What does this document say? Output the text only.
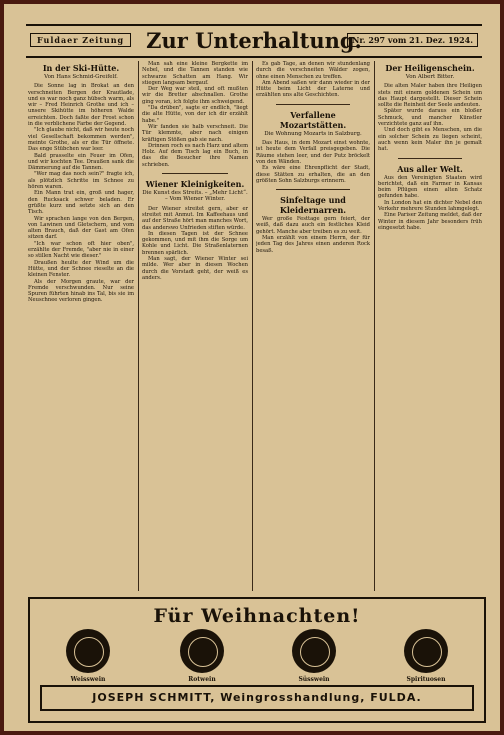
Fuldaer Zeitung	Zur Unterhaltung.
Nr. 297 vom 21. Dez. 1924.
In der Ski-Hütte.
Von Hans Schmid-Greifelf.
Die Sonne lag in Brokat an den verschneiten Bergen der Krautlade, und es war noch ganz hübsch warm, als wir – Fred Heinrich Grothe und ich – unsere Skihütte im höheren Walde erreichten. Doch faßte der Frost schon in die verblichene Farbe der Gegend.
"Ich glaube nicht, daß wir heute noch viel Gesellschaft bekommen werden", meinte Grothe, als er die Tür öffnete. Das enge Stübchen war leer.
Bald prasselte ein Feuer im Ofen, und wir kochten Tee. Draußen sank die Dämmerung auf die Tannen.
"Wer mag das noch sein?" fragte ich, als plötzlich Schritte im Schnee zu hören waren.
Ein Mann trat ein, groß und hager, den Rucksack schwer beladen. Er grüßte kurz und setzte sich an den Tisch.
Wir sprachen lange von den Bergen, von Lawinen und Gletschern, und vom alten Brauch, daß der Gast am Ofen sitzen darf.
"Ich war schon oft hier oben", erzählte der Fremde, "aber nie in einer so stillen Nacht wie dieser."
Draußen heulte der Wind um die Hütte, und der Schnee rieselte an die kleinen Fenster.
Als der Morgen graute, war der Fremde verschwunden. Nur seine Spuren führten hinab ins Tal, bis sie im Neuschnee verloren gingen.
Man sah eine kleine Bergkette im Nebel, und die Tannen standen wie schwarze Schatten am Hang. Wir stiegen langsam bergauf.
Der Weg war steil, und oft mußten wir die Bretter abschnallen. Grothe ging voran, ich folgte ihm schweigend.
"Da drüben", sagte er endlich, "liegt die alte Hütte, von der ich dir erzählt habe."
Wir fanden sie halb verschneit. Die Tür klemmte, aber nach einigen kräftigen Stößen gab sie nach.
Drinnen roch es nach Harz und altem Holz. Auf dem Tisch lag ein Buch, in das die Besucher ihre Namen schrieben.
Wiener Kleinigkeiten.
Die Kunst des Streits. – „Mehr Licht“. – Vom Wiener Winter.
Der Wiener streitet gern, aber er streitet mit Anmut. Im Kaffeehaus und auf der Straße hört man manches Wort, das anderswo Unfrieden stiften würde.
In diesen Tagen ist der Schnee gekommen, und mit ihm die Sorge um Kohle und Licht. Die Straßenlaternen brennen spärlich.
Man sagt, der Wiener Winter sei milde. Wer aber in diesen Wochen durch die Vorstadt geht, der weiß es anders.
Es gab Tage, an denen wir stundenlang durch die verschneiten Wälder zogen, ohne einen Menschen zu treffen.
Am Abend saßen wir dann wieder in der Hütte beim Licht der Laterne und erzählten uns alte Geschichten.
Verfallene Mozartstätten.
Die Wohnung Mozarts in Salzburg.
Das Haus, in dem Mozart einst wohnte, ist heute dem Verfall preisgegeben. Die Räume stehen leer, und der Putz bröckelt von den Wänden.
Es wäre eine Ehrenpflicht der Stadt, diese Stätten zu erhalten, die an den größten Sohn Salzburgs erinnern.
Sinfeltage und Kleidernarren.
Wer große Festtage gern feiert, der weiß, daß dazu auch ein festliches Kleid gehört. Manche aber treiben es zu weit.
Man erzählt von einem Herrn, der für jeden Tag des Jahres einen anderen Rock besaß.
Der Heiligenschein.
Von Albert Bitter.
Die alten Maler haben ihre Heiligen stets mit einem goldenen Schein um das Haupt dargestellt. Dieser Schein sollte die Reinheit der Seele andeuten.
Später wurde daraus ein bloßer Schmuck, und mancher Künstler verzichtete ganz auf ihn.
Und doch gibt es Menschen, um die ein solcher Schein zu liegen scheint, auch wenn kein Maler ihn je gemalt hat.
Aus aller Welt.
Aus den Vereinigten Staaten wird berichtet, daß ein Farmer in Kansas beim Pflügen einen alten Schatz gefunden habe.
In London hat ein dichter Nebel den Verkehr mehrere Stunden lahmgelegt.
Eine Pariser Zeitung meldet, daß der Winter in diesem Jahr besonders früh eingesetzt habe.
Für Weihnachten!
Weisswein	Rotwein	Süsswein	Spirituosen
JOSEPH SCHMITT, Weingrosshandlung, FULDA.
